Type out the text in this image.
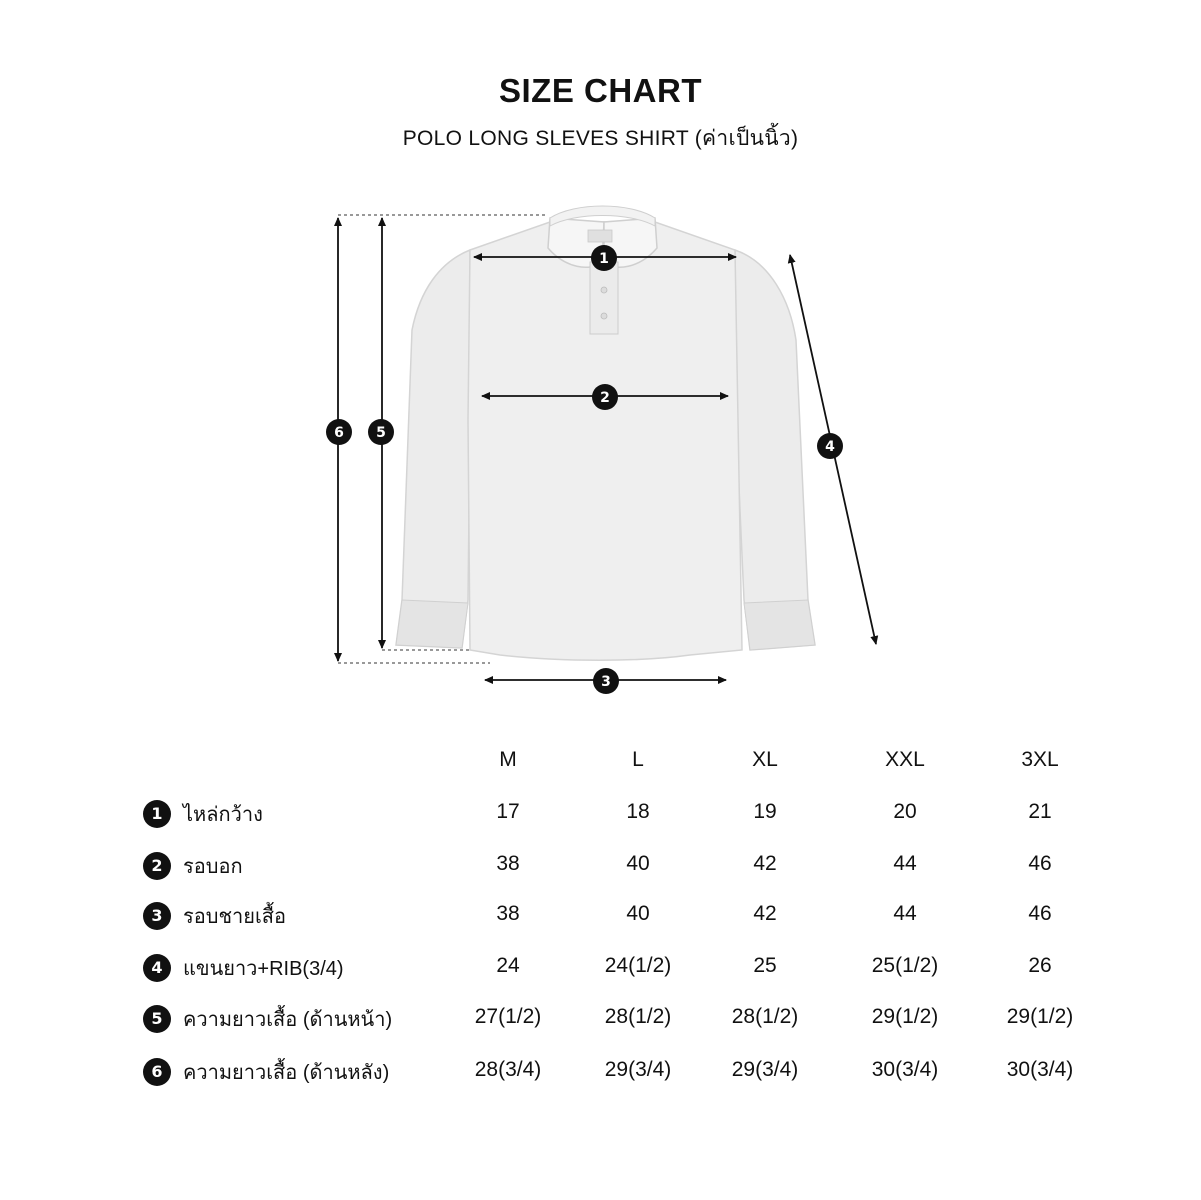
SIZE CHART
POLO LONG SLEVES SHIRT (ค่าเป็นนิ้ว)
1
2
3
4
5
6
M	L	XL	XXL	3XL
1	ไหล่กว้าง	17	18	19	20	21
2	รอบอก	38	40	42	44	46
3	รอบชายเสื้อ	38	40	42	44	46
4	แขนยาว+RIB(3/4)	24	24(1/2)	25	25(1/2)	26
5	ความยาวเสื้อ (ด้านหน้า)	27(1/2)	28(1/2)	28(1/2)	29(1/2)	29(1/2)
6	ความยาวเสื้อ (ด้านหลัง)	28(3/4)	29(3/4)	29(3/4)	30(3/4)	30(3/4)
